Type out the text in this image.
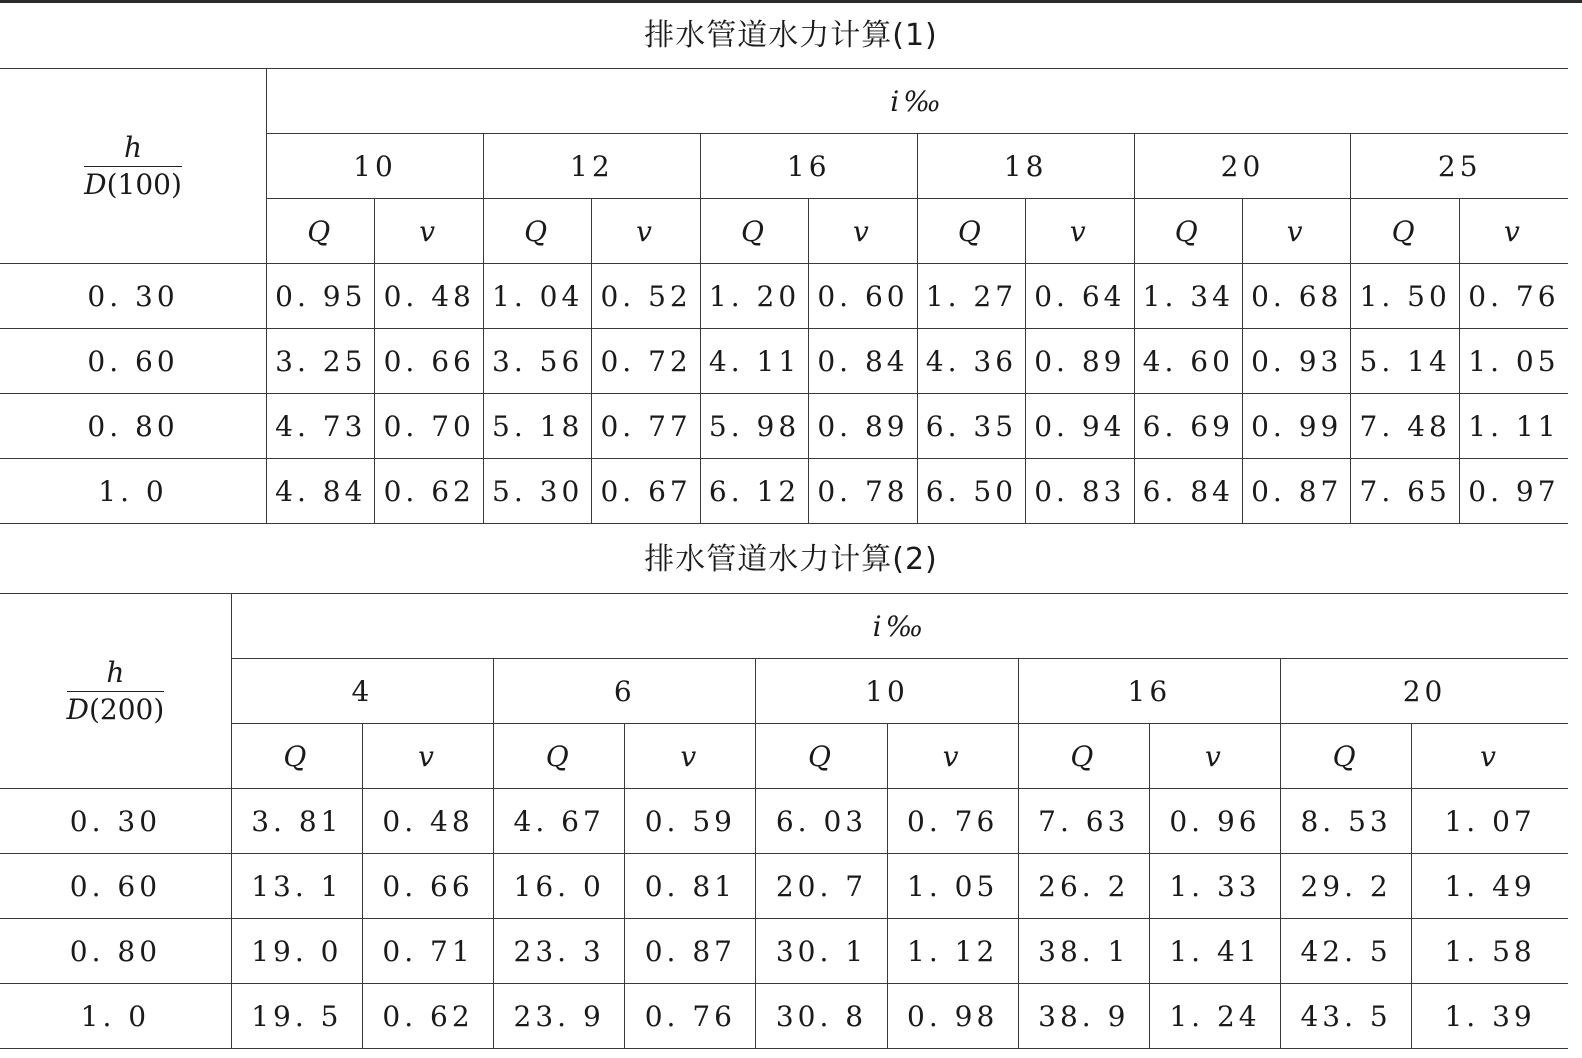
排水管道水力计算(1)
$\frac{h}{D(100)}$	i‰											
	10		12		16		18		20		25	
	Q	v	Q	v	Q	v	Q	v	Q	v	Q	v
0. 30	0. 95	0. 48	1. 04	0. 52	1. 20	0. 60	1. 27	0. 64	1. 34	0. 68	1. 50	0. 76
0. 60	3. 25	0. 66	3. 56	0. 72	4. 11	0. 84	4. 36	0. 89	4. 60	0. 93	5. 14	1. 05
0. 80	4. 73	0. 70	5. 18	0. 77	5. 98	0. 89	6. 35	0. 94	6. 69	0. 99	7. 48	1. 11
1. 0	4. 84	0. 62	5. 30	0. 67	6. 12	0. 78	6. 50	0. 83	6. 84	0. 87	7. 65	0. 97
排水管道水力计算(2)
$\frac{h}{D(200)}$	i‰									
	4		6		10		16		20	
	Q	v	Q	v	Q	v	Q	v	Q	v
0. 30	3. 81	0. 48	4. 67	0. 59	6. 03	0. 76	7. 63	0. 96	8. 53	1. 07
0. 60	13. 1	0. 66	16. 0	0. 81	20. 7	1. 05	26. 2	1. 33	29. 2	1. 49
0. 80	19. 0	0. 71	23. 3	0. 87	30. 1	1. 12	38. 1	1. 41	42. 5	1. 58
1. 0	19. 5	0. 62	23. 9	0. 76	30. 8	0. 98	38. 9	1. 24	43. 5	1. 39
